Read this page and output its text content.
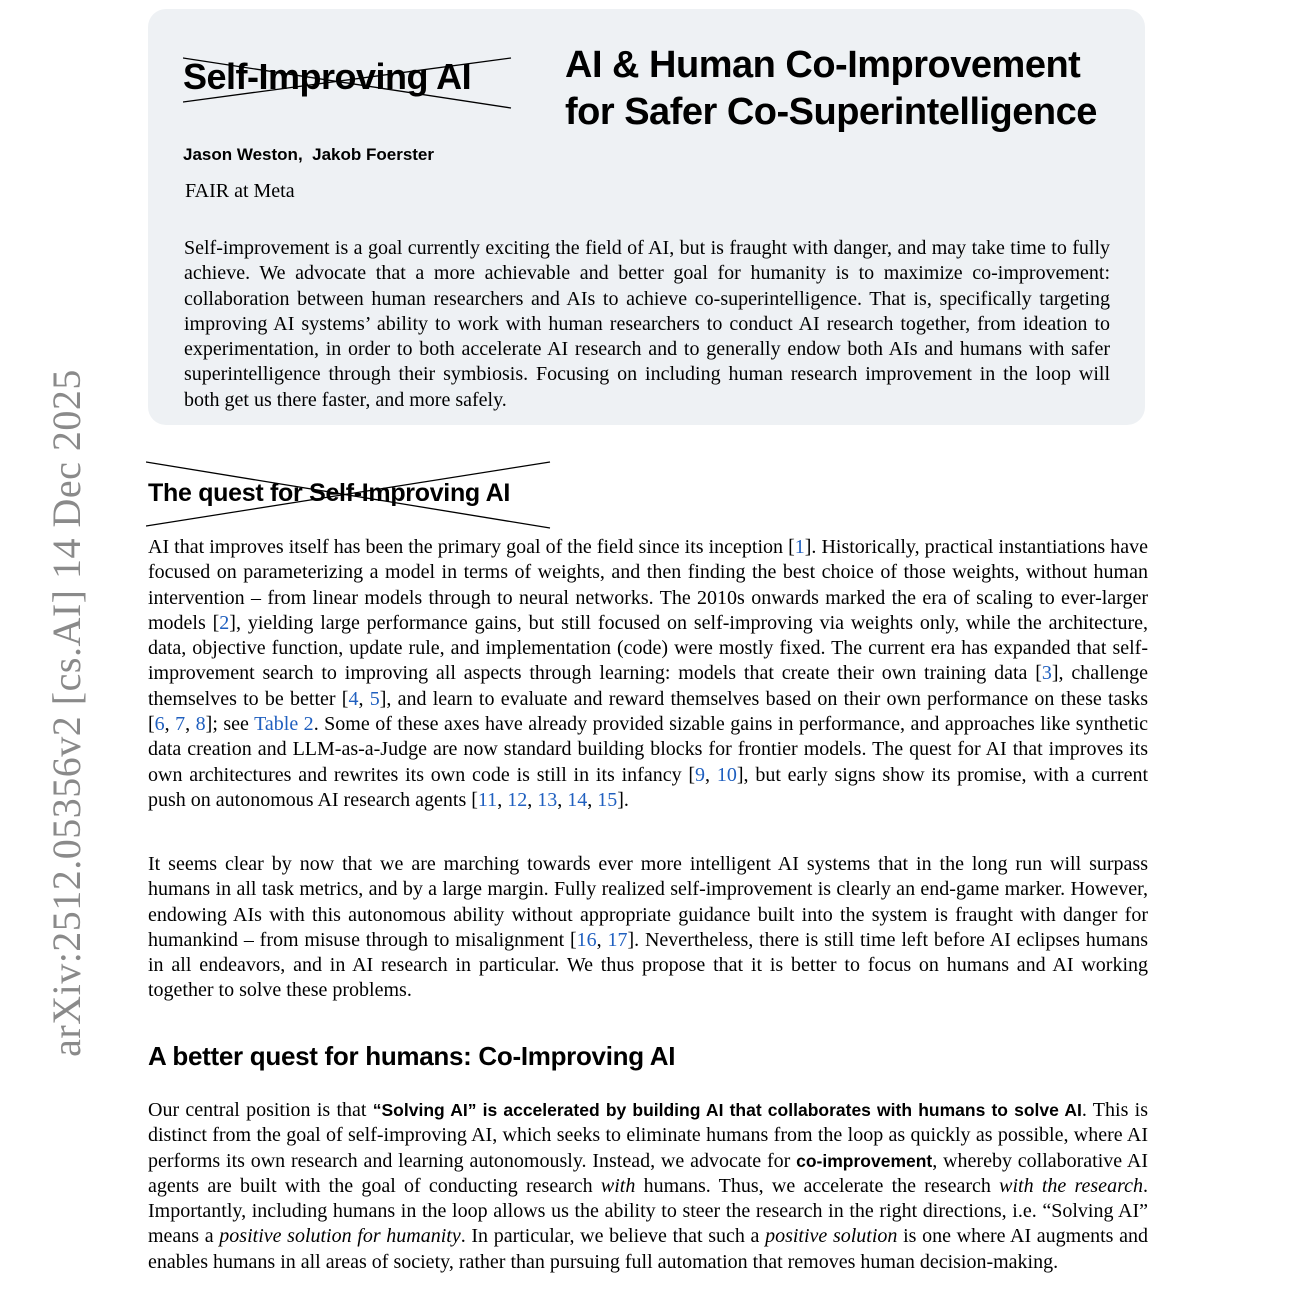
arXiv:2512.05356v2 [cs.AI] 14 Dec 2025
Self-Improving AI AI & Human Co-Improvement
for Safer Co-Superintelligence
Jason Weston, Jakob Foerster
FAIR at Meta
Self-improvement is a goal currently exciting the field of AI, but is fraught with danger, and may take time to fully achieve. We advocate that a more achievable and better goal for humanity is to maximize co-improvement: collaboration between human researchers and AIs to achieve co-superintelligence. That is, specifically targeting improving AI systems’ ability to work with human researchers to conduct AI research together, from ideation to experimentation, in order to both accelerate AI research and to generally endow both AIs and humans with safer superintelligence through their symbiosis. Focusing on including human research improvement in the loop will both get us there faster, and more safely.
The quest for Self-Improving AI
AI that improves itself has been the primary goal of the field since its inception [1]. Historically, practical instantiations have focused on parameterizing a model in terms of weights, and then finding the best choice of those weights, without human intervention – from linear models through to neural networks. The 2010s onwards marked the era of scaling to ever-larger models [2], yielding large performance gains, but still focused on self-improving via weights only, while the architecture, data, objective function, update rule, and implementation (code) were mostly fixed. The current era has expanded that self-improvement search to improving all aspects through learning: models that create their own training data [3], challenge themselves to be better [4, 5], and learn to evaluate and reward themselves based on their own performance on these tasks [6, 7, 8]; see Table 2. Some of these axes have already provided sizable gains in performance, and approaches like synthetic data creation and LLM-as-a-Judge are now standard building blocks for frontier models. The quest for AI that improves its own architectures and rewrites its own code is still in its infancy [9, 10], but early signs show its promise, with a current push on autonomous AI research agents [11, 12, 13, 14, 15].
It seems clear by now that we are marching towards ever more intelligent AI systems that in the long run will surpass humans in all task metrics, and by a large margin. Fully realized self-improvement is clearly an end-game marker. However, endowing AIs with this autonomous ability without appropriate guidance built into the system is fraught with danger for humankind – from misuse through to misalignment [16, 17]. Nevertheless, there is still time left before AI eclipses humans in all endeavors, and in AI research in particular. We thus propose that it is better to focus on humans and AI working together to solve these problems.
A better quest for humans: Co-Improving AI
Our central position is that “Solving AI” is accelerated by building AI that collaborates with humans to solve AI. This is distinct from the goal of self-improving AI, which seeks to eliminate humans from the loop as quickly as possible, where AI performs its own research and learning autonomously. Instead, we advocate for co-improvement, whereby collaborative AI agents are built with the goal of conducting research with humans. Thus, we accelerate the research with the research. Importantly, including humans in the loop allows us the ability to steer the research in the right directions, i.e. “Solving AI” means a positive solution for humanity. In particular, we believe that such a positive solution is one where AI augments and enables humans in all areas of society, rather than pursuing full automation that removes human decision-making.
